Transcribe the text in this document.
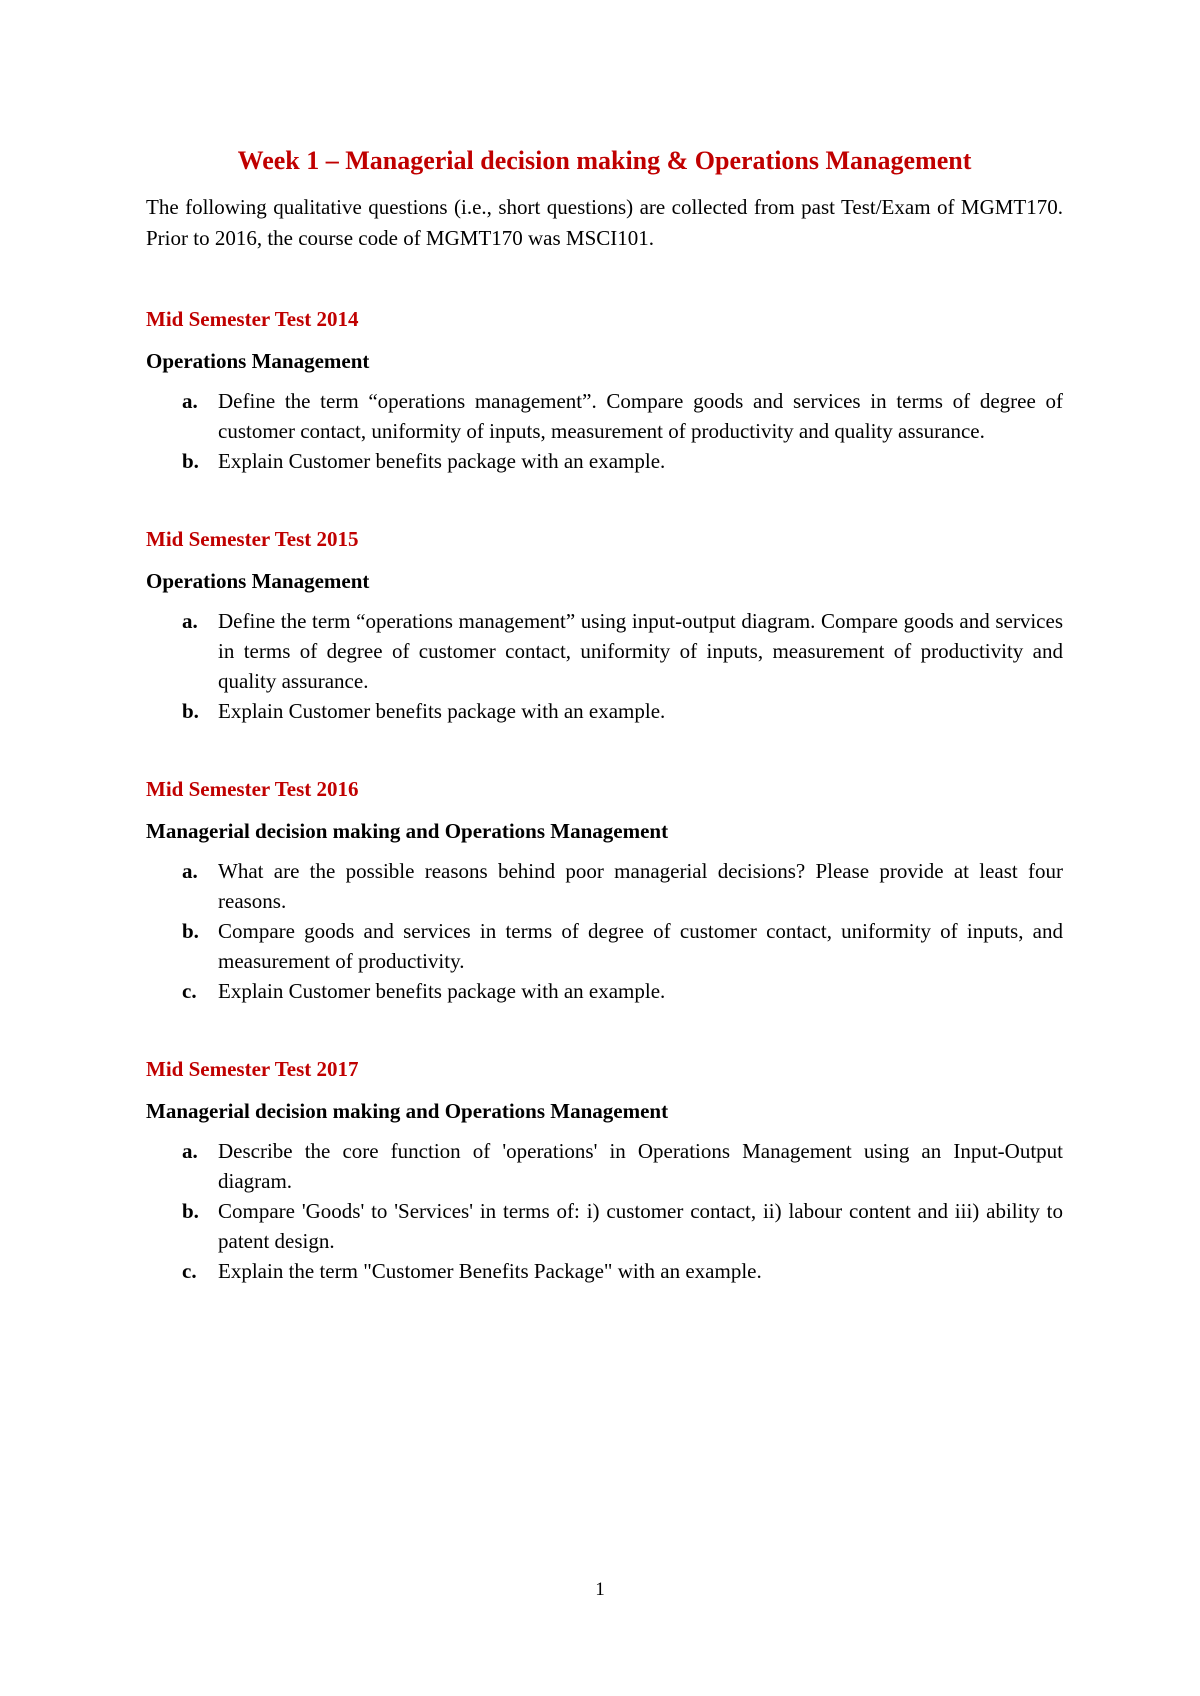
Week 1 – Managerial decision making & Operations Management

The following qualitative questions (i.e., short questions) are collected from past Test/Exam of MGMT170. Prior to 2016, the course code of MGMT170 was MSCI101.

Mid Semester Test 2014
Operations Management
a. Define the term “operations management”. Compare goods and services in terms of degree of customer contact, uniformity of inputs, measurement of productivity and quality assurance.
b. Explain Customer benefits package with an example.
Mid Semester Test 2015
Operations Management
a. Define the term “operations management” using input-output diagram. Compare goods and services in terms of degree of customer contact, uniformity of inputs, measurement of productivity and quality assurance.
b. Explain Customer benefits package with an example.
Mid Semester Test 2016
Managerial decision making and Operations Management
a. What are the possible reasons behind poor managerial decisions? Please provide at least four reasons.
b. Compare goods and services in terms of degree of customer contact, uniformity of inputs, and measurement of productivity.
c.	Explain Customer benefits package with an example.
Mid Semester Test 2017
Managerial decision making and Operations Management
a. Describe the core function of 'operations' in Operations Management using an Input-Output diagram.
b. Compare 'Goods' to 'Services' in terms of: i) customer contact, ii) labour content and iii) ability to patent design.
c.	Explain the term "Customer Benefits Package" with an example.
1
